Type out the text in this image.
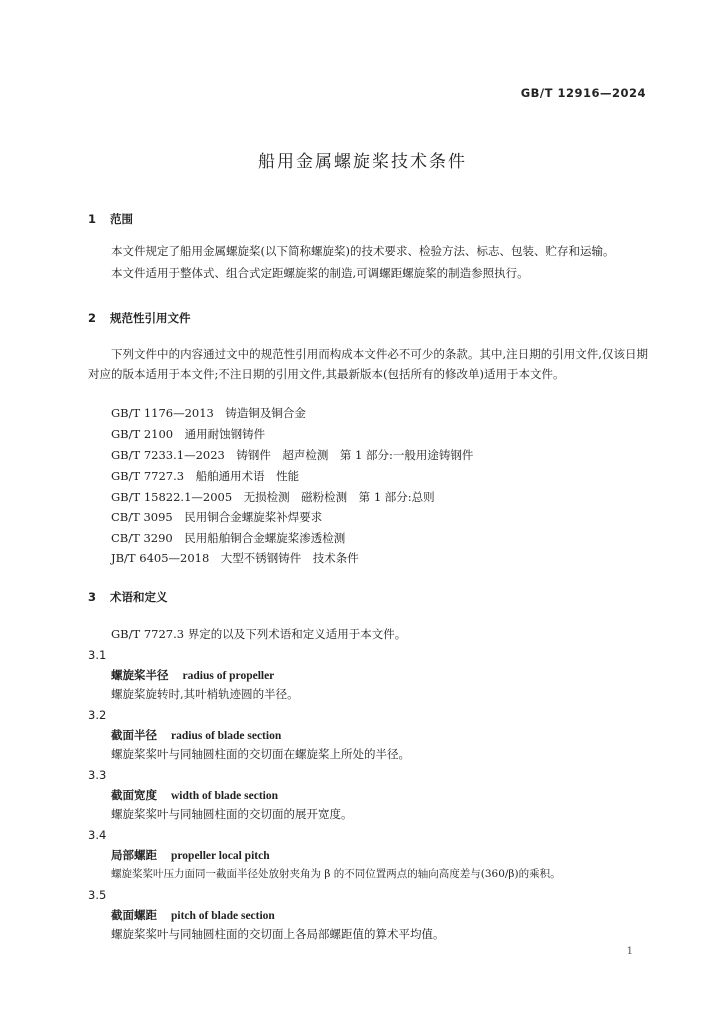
GB/T 12916—2024
船用金属螺旋桨技术条件
1 范围
本文件规定了船用金属螺旋桨(以下简称螺旋桨)的技术要求、检验方法、标志、包装、贮存和运输。
本文件适用于整体式、组合式定距螺旋桨的制造,可调螺距螺旋桨的制造参照执行。
2 规范性引用文件
下列文件中的内容通过文中的规范性引用而构成本文件必不可少的条款。其中,注日期的引用文件,仅该日期对应的版本适用于本文件;不注日期的引用文件,其最新版本(包括所有的修改单)适用于本文件。
GB/T 1176—2013　铸造铜及铜合金
GB/T 2100　通用耐蚀钢铸件
GB/T 7233.1—2023　铸钢件　超声检测　第 1 部分:一般用途铸钢件
GB/T 7727.3　船舶通用术语　性能
GB/T 15822.1—2005　无损检测　磁粉检测　第 1 部分:总则
CB/T 3095　民用铜合金螺旋桨补焊要求
CB/T 3290　民用船舶铜合金螺旋桨渗透检测
JB/T 6405—2018　大型不锈钢铸件　技术条件
3 术语和定义
GB/T 7727.3 界定的以及下列术语和定义适用于本文件。
3.1
螺旋桨半径 radius of propeller
螺旋桨旋转时,其叶梢轨迹圆的半径。
3.2
截面半径 radius of blade section
螺旋桨桨叶与同轴圆柱面的交切面在螺旋桨上所处的半径。
3.3
截面宽度 width of blade section
螺旋桨桨叶与同轴圆柱面的交切面的展开宽度。
3.4
局部螺距 propeller local pitch
螺旋桨桨叶压力面同一截面半径处放射夹角为 β 的不同位置两点的轴向高度差与(360/β)的乘积。
3.5
截面螺距 pitch of blade section
螺旋桨桨叶与同轴圆柱面的交切面上各局部螺距值的算术平均值。
1
